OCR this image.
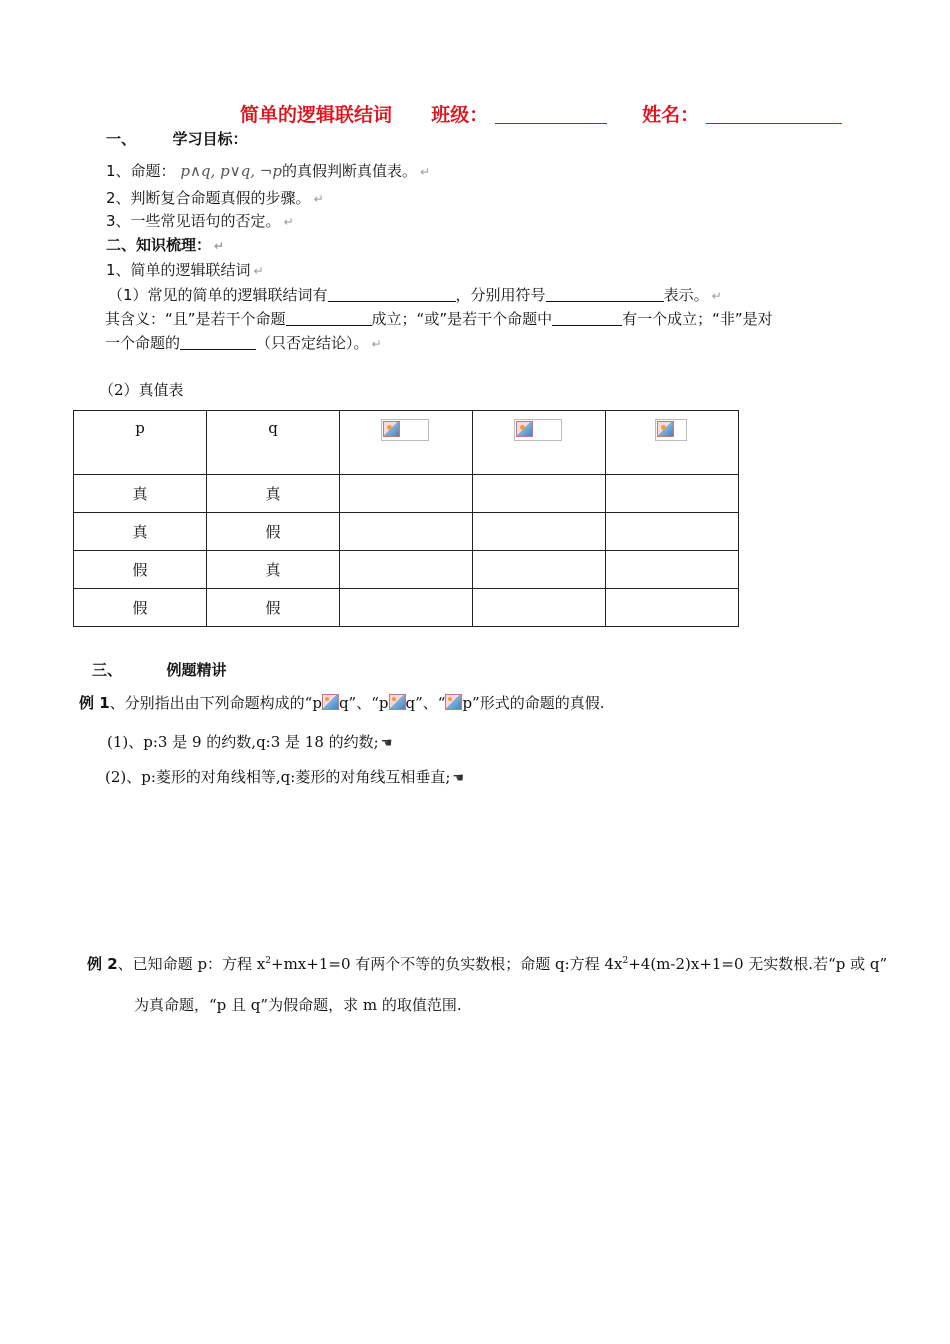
简单的逻辑联结词 班级：	姓名：
一、 学习目标：
1、命题： p∧q, p∨q, ¬p的真假判断真值表。 ↵
2、判断复合命题真假的步骤。 ↵
3、一些常见语句的否定。 ↵
二、知识梳理： ↵
1、简单的逻辑联结词 ↵
（1）常见的简单的逻辑联结词有	，分别用符号	表示。 ↵
其含义：“且”是若干个命题	成立；“或”是若干个命题中	有一个成立；“非”是对
一个命题的	（只否定结论）。 ↵
（2）真值表
p	q	

真	真			
真	假			
假	真			
假	假			
三、	例题精讲
例 1、分别指出由下列命题构成的“p q”、“p q”、“ p”形式的命题的真假.
(1)、p:3 是 9 的约数,q:3 是 18 的约数; ☚
(2)、p:菱形的对角线相等,q:菱形的对角线互相垂直; ☚
例 2、已知命题 p：方程 $x^2+mx+1=0$ 有两个不等的负实数根；命题 q:方程 $4x^2+4(m-2)x+1=0$ 无实数根.若“p 或 q”
为真命题，“p 且 q”为假命题，求 m 的取值范围.
